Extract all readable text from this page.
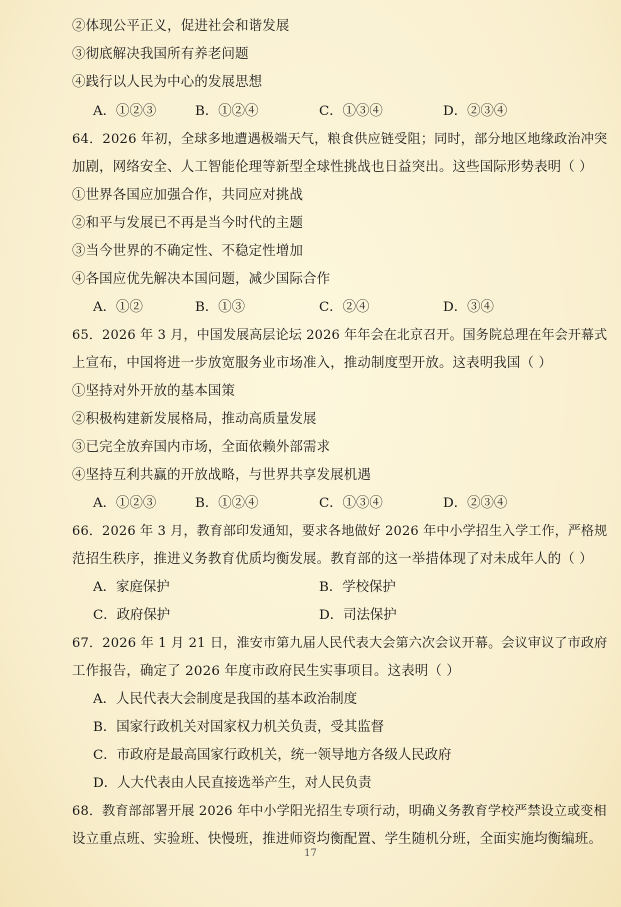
②体现公平正义，促进社会和谐发展
③彻底解决我国所有养老问题
④践行以人民为中心的发展思想
A．①②③	B．①②④	C．①③④	D．②③④
64．2026 年初，全球多地遭遇极端天气，粮食供应链受阻；同时，部分地区地缘政治冲突
加剧，网络安全、人工智能伦理等新型全球性挑战也日益突出。这些国际形势表明（ ）
①世界各国应加强合作，共同应对挑战
②和平与发展已不再是当今时代的主题
③当今世界的不确定性、不稳定性增加
④各国应优先解决本国问题，减少国际合作
A．①②	B．①③	C．②④	D．③④
65．2026 年 3 月，中国发展高层论坛 2026 年年会在北京召开。国务院总理在年会开幕式
上宣布，中国将进一步放宽服务业市场准入，推动制度型开放。这表明我国（ ）
①坚持对外开放的基本国策
②积极构建新发展格局，推动高质量发展
③已完全放弃国内市场，全面依赖外部需求
④坚持互利共赢的开放战略，与世界共享发展机遇
A．①②③	B．①②④	C．①③④	D．②③④
66．2026 年 3 月，教育部印发通知，要求各地做好 2026 年中小学招生入学工作，严格规
范招生秩序，推进义务教育优质均衡发展。教育部的这一举措体现了对未成年人的（ ）
A．家庭保护	B．学校保护
C．政府保护	D．司法保护
67．2026 年 1 月 21 日，淮安市第九届人民代表大会第六次会议开幕。会议审议了市政府
工作报告，确定了 2026 年度市政府民生实事项目。这表明（ ）
A．人民代表大会制度是我国的基本政治制度
B．国家行政机关对国家权力机关负责，受其监督
C．市政府是最高国家行政机关，统一领导地方各级人民政府
D．人大代表由人民直接选举产生，对人民负责
68．教育部部署开展 2026 年中小学阳光招生专项行动，明确义务教育学校严禁设立或变相
设立重点班、实验班、快慢班，推进师资均衡配置、学生随机分班，全面实施均衡编班。
17
